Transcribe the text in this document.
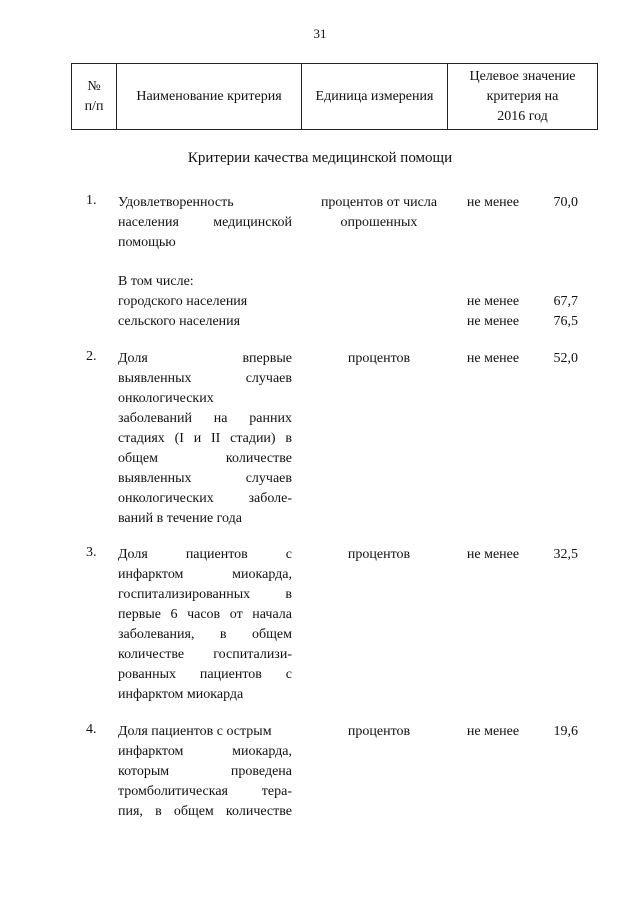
31
№
п/п
Наименование критерия	Единица измерения
Целевое значение
критерия на
2016 год
Критерии качества медицинской помощи
1. Удовлетворенность
населения медицинской
помощью
процентов от числа
опрошенных
не менее	70,0
В том числе:
городского населения	не менее	67,7
сельского населения	не менее	76,5
2. Доля впервые
выявленных случаев
онкологических
заболеваний на ранних
стадиях (I и II стадии) в
общем количестве
выявленных случаев
онкологических заболе-
ваний в течение года
процентов	не менее	52,0
3. Доля пациентов с
инфарктом миокарда,
госпитализированных в
первые 6 часов от начала
заболевания, в общем
количестве госпитализи-
рованных пациентов с
инфарктом миокарда
процентов	не менее	32,5
4. Доля пациентов с острым
инфарктом миокарда,
которым проведена
тромболитическая тера-
пия, в общем количестве
процентов	не менее	19,6
